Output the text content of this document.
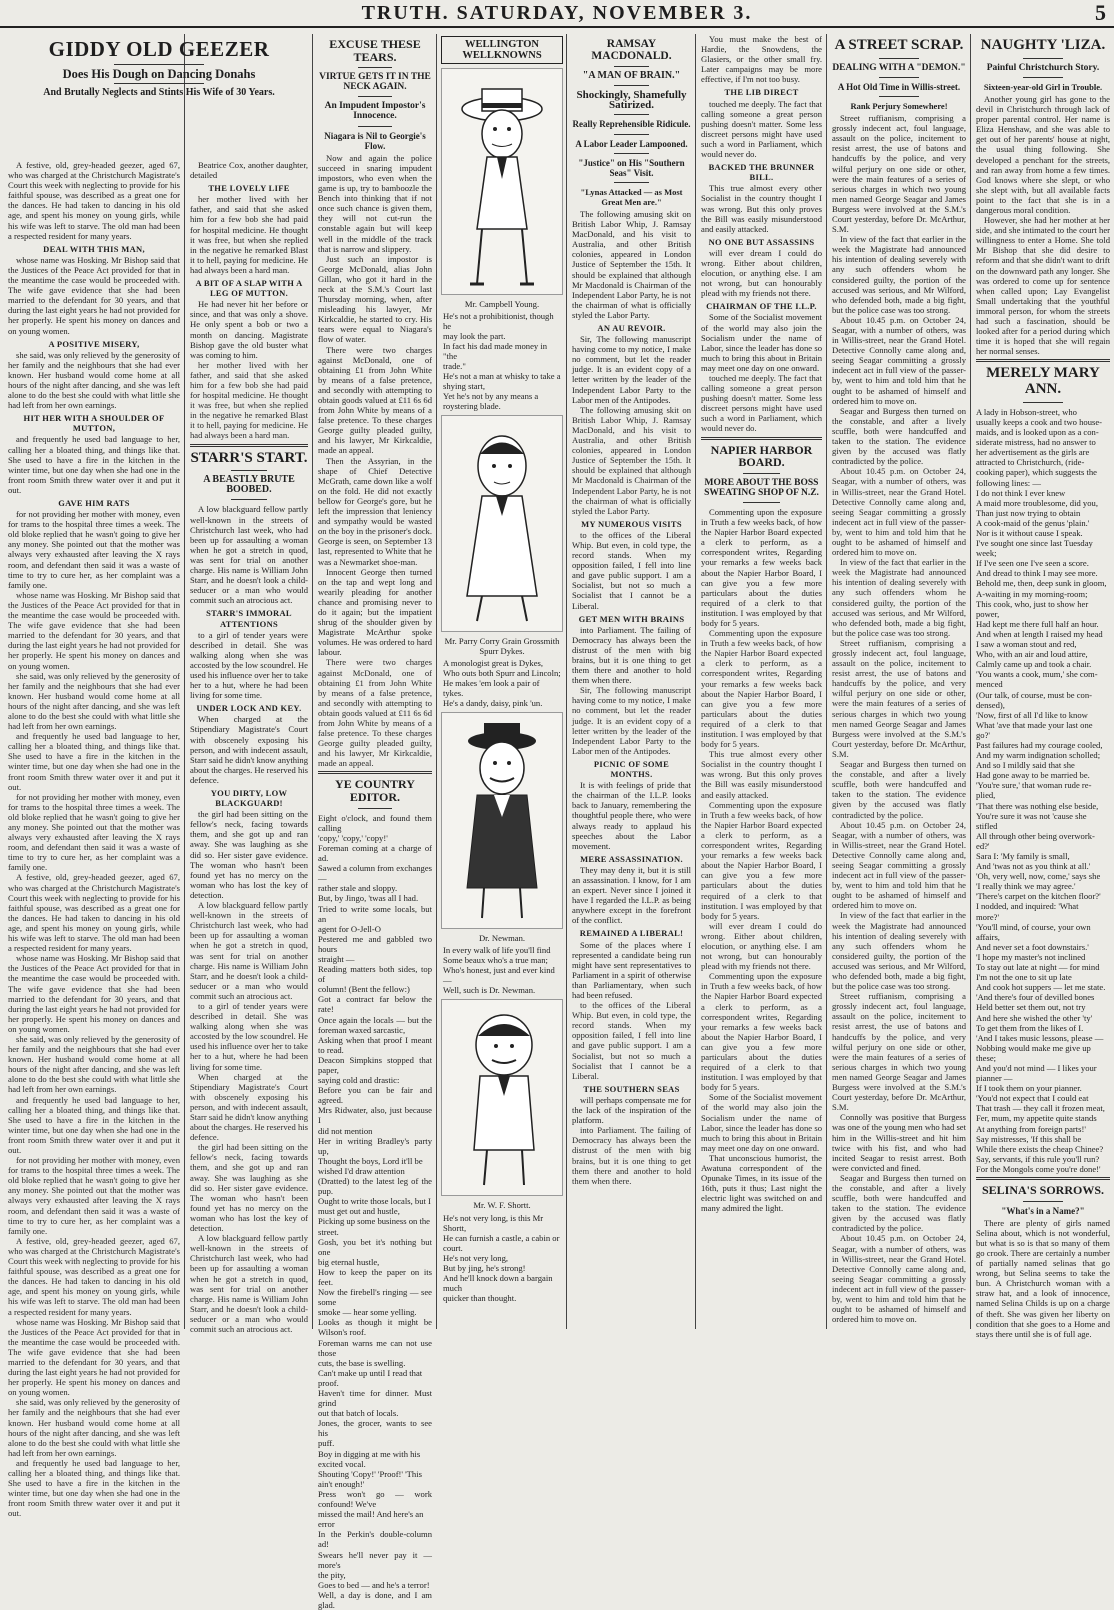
TRUTH. SATURDAY, NOVEMBER 3.	5
GIDDY OLD GEEZER
Does His Dough on Dancing Donahs
And Brutally Neglects and Stints His Wife of 30 Years.

A festive, old, grey-headed geezer, aged 67, who was charged at the Christchurch Magistrate's Court this week with neglecting to provide for his faithful spouse, was described as a great one for the dances. He had taken to dancing in his old age, and spent his money on young girls, while his wife was left to starve. The old man had been a respected resident for many years.

DEAL WITH THIS MAN,

whose name was Hosking. Mr Bishop said that the Justices of the Peace Act provided for that in the meantime the case would be proceeded with. The wife gave evidence that she had been married to the defendant for 30 years, and that during the last eight years he had not provided for her properly. He spent his money on dances and on young women.

A POSITIVE MISERY,

she said, was only relieved by the generosity of her family and the neighbours that she had ever known. Her husband would come home at all hours of the night after dancing, and she was left alone to do the best she could with what little she had left from her own earnings.

HIT HER WITH A SHOULDER OF MUTTON,

and frequently he used bad language to her, calling her a bloated thing, and things like that. She used to have a fire in the kitchen in the winter time, but one day when she had one in the front room Smith threw water over it and put it out.

GAVE HIM RATS

for not providing her mother with money, even for trams to the hospital three times a week. The old bloke replied that he wasn't going to give her any money. She pointed out that the mother was always very exhausted after leaving the X rays room, and defendant then said it was a waste of time to try to cure her, as her complaint was a family one.

whose name was Hosking. Mr Bishop said that the Justices of the Peace Act provided for that in the meantime the case would be proceeded with. The wife gave evidence that she had been married to the defendant for 30 years, and that during the last eight years he had not provided for her properly. He spent his money on dances and on young women.

she said, was only relieved by the generosity of her family and the neighbours that she had ever known. Her husband would come home at all hours of the night after dancing, and she was left alone to do the best she could with what little she had left from her own earnings.

and frequently he used bad language to her, calling her a bloated thing, and things like that. She used to have a fire in the kitchen in the winter time, but one day when she had one in the front room Smith threw water over it and put it out.

for not providing her mother with money, even for trams to the hospital three times a week. The old bloke replied that he wasn't going to give her any money. She pointed out that the mother was always very exhausted after leaving the X rays room, and defendant then said it was a waste of time to try to cure her, as her complaint was a family one.

A festive, old, grey-headed geezer, aged 67, who was charged at the Christchurch Magistrate's Court this week with neglecting to provide for his faithful spouse, was described as a great one for the dances. He had taken to dancing in his old age, and spent his money on young girls, while his wife was left to starve. The old man had been a respected resident for many years.

whose name was Hosking. Mr Bishop said that the Justices of the Peace Act provided for that in the meantime the case would be proceeded with. The wife gave evidence that she had been married to the defendant for 30 years, and that during the last eight years he had not provided for her properly. He spent his money on dances and on young women.

she said, was only relieved by the generosity of her family and the neighbours that she had ever known. Her husband would come home at all hours of the night after dancing, and she was left alone to do the best she could with what little she had left from her own earnings.

and frequently he used bad language to her, calling her a bloated thing, and things like that. She used to have a fire in the kitchen in the winter time, but one day when she had one in the front room Smith threw water over it and put it out.

for not providing her mother with money, even for trams to the hospital three times a week. The old bloke replied that he wasn't going to give her any money. She pointed out that the mother was always very exhausted after leaving the X rays room, and defendant then said it was a waste of time to try to cure her, as her complaint was a family one.

A festive, old, grey-headed geezer, aged 67, who was charged at the Christchurch Magistrate's Court this week with neglecting to provide for his faithful spouse, was described as a great one for the dances. He had taken to dancing in his old age, and spent his money on young girls, while his wife was left to starve. The old man had been a respected resident for many years.

whose name was Hosking. Mr Bishop said that the Justices of the Peace Act provided for that in the meantime the case would be proceeded with. The wife gave evidence that she had been married to the defendant for 30 years, and that during the last eight years he had not provided for her properly. He spent his money on dances and on young women.

she said, was only relieved by the generosity of her family and the neighbours that she had ever known. Her husband would come home at all hours of the night after dancing, and she was left alone to do the best she could with what little she had left from her own earnings.

and frequently he used bad language to her, calling her a bloated thing, and things like that. She used to have a fire in the kitchen in the winter time, but one day when she had one in the front room Smith threw water over it and put it out.

Beatrice Cox, another daughter, detailed

THE LOVELY LIFE

her mother lived with her father, and said that she asked him for a few bob she had paid for hospital medicine. He thought it was free, but when she replied in the negative he remarked Blast it to hell, paying for medicine. He had always been a hard man.

A BIT OF A SLAP WITH A LEG OF MUTTON.

He had never hit her before or since, and that was only a shove. He only spent a bob or two a month on dancing. Magistrate Bishop gave the old buster what was coming to him.

her mother lived with her father, and said that she asked him for a few bob she had paid for hospital medicine. He thought it was free, but when she replied in the negative he remarked Blast it to hell, paying for medicine. He had always been a hard man.

STARR'S START.
A BEASTLY BRUTE BOOBED.

A low blackguard fellow partly well-known in the streets of Christchurch last week, who had been up for assaulting a woman when he got a stretch in quod, was sent for trial on another charge. His name is William John Starr, and he doesn't look a child-seducer or a man who would commit such an atrocious act.

STARR'S IMMORAL ATTENTIONS

to a girl of tender years were described in detail. She was walking along when she was accosted by the low scoundrel. He used his influence over her to take her to a hut, where he had been living for some time.

UNDER LOCK AND KEY.

When charged at the Stipendiary Magistrate's Court with obscenely exposing his person, and with indecent assault, Starr said he didn't know anything about the charges. He reserved his defence.

YOU DIRTY, LOW BLACKGUARD!

the girl had been sitting on the fellow's neck, facing towards them, and she got up and ran away. She was laughing as she did so. Her sister gave evidence. The woman who hasn't been found yet has no mercy on the woman who has lost the key of detection.

A low blackguard fellow partly well-known in the streets of Christchurch last week, who had been up for assaulting a woman when he got a stretch in quod, was sent for trial on another charge. His name is William John Starr, and he doesn't look a child-seducer or a man who would commit such an atrocious act.

to a girl of tender years were described in detail. She was walking along when she was accosted by the low scoundrel. He used his influence over her to take her to a hut, where he had been living for some time.

When charged at the Stipendiary Magistrate's Court with obscenely exposing his person, and with indecent assault, Starr said he didn't know anything about the charges. He reserved his defence.

the girl had been sitting on the fellow's neck, facing towards them, and she got up and ran away. She was laughing as she did so. Her sister gave evidence. The woman who hasn't been found yet has no mercy on the woman who has lost the key of detection.

A low blackguard fellow partly well-known in the streets of Christchurch last week, who had been up for assaulting a woman when he got a stretch in quod, was sent for trial on another charge. His name is William John Starr, and he doesn't look a child-seducer or a man who would commit such an atrocious act.

EXCUSE THESE TEARS.
VIRTUE GETS IT IN THE NECK AGAIN.
An Impudent Impostor's Innocence.
Niagara is Nil to Georgie's Flow.

Now and again the police succeed in snaring impudent impostors, who even when the game is up, try to bamboozle the Bench into thinking that if not once such chance is given them, they will not cut-run the constable again but will keep well in the middle of the track that is narrow and slippery.

Just such an impostor is George McDonald, alias John Gillan, who got it hard in the neck at the S.M.'s Court last Thursday morning, when, after misleading his lawyer, Mr Kirkcaldie, he started to cry. His tears were equal to Niagara's flow of water.

There were two charges against McDonald, one of obtaining £1 from John White by means of a false pretence, and secondly with attempting to obtain goods valued at £11 6s 6d from John White by means of a false pretence. To these charges George guilty pleaded guilty, and his lawyer, Mr Kirkcaldie, made an appeal.

Then the Assyrian, in the shape of Chief Detective McGrath, came down like a wolf on the fold. He did not exactly bellow for George's gore, but he left the impression that leniency and sympathy would be wasted on the boy in the prisoner's dock. George is seen, on September 13 last, represented to White that he was a Newmarket shoe-man.

Innocent George then turned on the tap and wept long and wearily pleading for another chance and promising never to do it again; but the impatient shrug of the shoulder given by Magistrate McArthur spoke volumes. He was ordered to hard labour.

There were two charges against McDonald, one of obtaining £1 from John White by means of a false pretence, and secondly with attempting to obtain goods valued at £11 6s 6d from John White by means of a false pretence. To these charges George guilty pleaded guilty, and his lawyer, Mr Kirkcaldie, made an appeal.

YE COUNTRY EDITOR.
Eight o'clock, and found them calling
'copy,' 'copy,' 'copy!'
Foreman coming at a charge of ad.
Sawed a column from exchanges —
rather stale and sloppy.
But, by Jingo, 'twas all I had.
Tried to write some locals, but an
agent for O-Jell-O
Pestered me and gabbled two hours
straight —
Reading matters both sides, top of
column! (Bent the fellow:)
Got a contract far below the rate!
Once again the locals — but the foreman waxed sarcastic,
Asking when that proof I meant to read.
Deacon Simpkins stopped that paper,
saying cold and drastic:
Before you can be fair and agreed.
Mrs Ridwater, also, just because I
did not mention
Her in writing Bradley's party up,
Thought the boys, Lord it'll be
wished I'd draw attention
(Dratted) to the latest leg of the pup.
Ought to write those locals, but I
must get out and hustle,
Picking up some business on the
street.
Gosh, you bet it's nothing but one
big eternal hustle,
How to keep the paper on its feet.
Now the firebell's ringing — see some
smoke — hear some yelling.
Looks as though it might be Wilson's roof.
Foreman warns me can not use those
cuts, the base is swelling.
Can't make up until I read that
proof.
Haven't time for dinner. Must grind
out that batch of locals.
Jones, the grocer, wants to see his
puff.
Boy in digging at me with his
excited vocal.
Shouting 'Copy!' 'Proof!' 'This
ain't enough!'
Press won't go — work confound! We've
missed the mail! And here's an
error
In the Perkin's double-column ad!
Swears he'll never pay it — more's
the pity,
Goes to bed — and he's a terror!
Well, a day is done, and I am glad.
WELLINGTON WELLKNOWNS
Mr. Campbell Young.
He's not a prohibitionist, though he
may look the part.
In fact his dad made money in "the
trade."
He's not a man at whisky to take a
shying start,
Yet he's not by any means a
roystering blade.
Mr. Parry Corry Grain Grossmith Spurr Dykes.
A monologist great is Dykes,
Who outs both Spurr and Lincoln;
He makes 'em look a pair of tykes.
He's a dandy, daisy, pink 'un.
Dr. Newman.
In every walk of life you'll find
Some beaux who's a true man;
Who's honest, just and ever kind —
Well, such is Dr. Newman.
Mr. W. F. Shortt.
He's not very long, is this Mr Shortt,
He can furnish a castle, a cabin or
court.
He's not very long,
But by jing, he's strong!
And he'll knock down a bargain much
quicker than thought.
RAMSAY MACDONALD.
"A MAN OF BRAIN."
Shockingly, Shamefully Satirized.
Really Reprehensible Ridicule.
A Labor Leader Lampooned.
"Justice" on His "Southern Seas" Visit.
"Lynas Attacked — as Most Great Men are."

The following amusing skit on British Labor Whip, J. Ramsay MacDonald, and his visit to Australia, and other British colonies, appeared in London Justice of September the 15th. It should be explained that although Mr Macdonald is Chairman of the Independent Labor Party, he is not the chairman of what is officially styled the Labor Party.

AN AU REVOIR.

Sir, The following manuscript having come to my notice, I make no comment, but let the reader judge. It is an evident copy of a letter written by the leader of the Independent Labor Party to the Labor men of the Antipodes.

The following amusing skit on British Labor Whip, J. Ramsay MacDonald, and his visit to Australia, and other British colonies, appeared in London Justice of September the 15th. It should be explained that although Mr Macdonald is Chairman of the Independent Labor Party, he is not the chairman of what is officially styled the Labor Party.

MY NUMEROUS VISITS

to the offices of the Liberal Whip. But even, in cold type, the record stands. When my opposition failed, I fell into line and gave public support. I am a Socialist, but not so much a Socialist that I cannot be a Liberal.

GET MEN WITH BRAINS

into Parliament. The failing of Democracy has always been the distrust of the men with big brains, but it is one thing to get them there and another to hold them when there.

Sir, The following manuscript having come to my notice, I make no comment, but let the reader judge. It is an evident copy of a letter written by the leader of the Independent Labor Party to the Labor men of the Antipodes.

PICNIC OF SOME MONTHS.

It is with feelings of pride that the chairman of the I.L.P. looks back to January, remembering the thoughtful people there, who were always ready to applaud his speeches about the Labor movement.

MERE ASSASSINATION.

They may deny it, but it is still an assassination. I know, for I am an expert. Never since I joined it have I regarded the I.L.P. as being anywhere except in the forefront of the conflict.

REMAINED A LIBERAL!

Some of the places where I represented a candidate being run might have sent representatives to Parliament in a spirit of otherwise than Parliamentary, when such had been refused.

to the offices of the Liberal Whip. But even, in cold type, the record stands. When my opposition failed, I fell into line and gave public support. I am a Socialist, but not so much a Socialist that I cannot be a Liberal.

THE SOUTHERN SEAS

will perhaps compensate me for the lack of the inspiration of the platform.

into Parliament. The failing of Democracy has always been the distrust of the men with big brains, but it is one thing to get them there and another to hold them when there.

You must make the best of Hardie, the Snowdens, the Glasiers, or the other small fry. Later campaigns may be more effective, if I'm not too busy.

THE LIB DIRECT

touched me deeply. The fact that calling someone a great person pushing doesn't matter. Some less discreet persons might have used such a word in Parliament, which would never do.

BACKED THE BRUNNER BILL.

This true almost every other Socialist in the country thought I was wrong. But this only proves the Bill was easily misunderstood and easily attacked.

NO ONE BUT ASSASSINS

will ever dream I could do wrong. Either about children, elocution, or anything else. I am not wrong, but can honourably plead with my friends not there.

CHAIRMAN OF THE I.L.P.

Some of the Socialist movement of the world may also join the Socialism under the name of Labor, since the leader has done so much to bring this about in Britain may meet one day on one onward.

touched me deeply. The fact that calling someone a great person pushing doesn't matter. Some less discreet persons might have used such a word in Parliament, which would never do.

NAPIER HARBOR BOARD.
MORE ABOUT THE BOSS SWEATING SHOP OF N.Z.

Commenting upon the exposure in Truth a few weeks back, of how the Napier Harbor Board expected a clerk to perform, as a correspondent writes, Regarding your remarks a few weeks back about the Napier Harbor Board, I can give you a few more particulars about the duties required of a clerk to that institution. I was employed by that body for 5 years.

Commenting upon the exposure in Truth a few weeks back, of how the Napier Harbor Board expected a clerk to perform, as a correspondent writes, Regarding your remarks a few weeks back about the Napier Harbor Board, I can give you a few more particulars about the duties required of a clerk to that institution. I was employed by that body for 5 years.

This true almost every other Socialist in the country thought I was wrong. But this only proves the Bill was easily misunderstood and easily attacked.

Commenting upon the exposure in Truth a few weeks back, of how the Napier Harbor Board expected a clerk to perform, as a correspondent writes, Regarding your remarks a few weeks back about the Napier Harbor Board, I can give you a few more particulars about the duties required of a clerk to that institution. I was employed by that body for 5 years.

will ever dream I could do wrong. Either about children, elocution, or anything else. I am not wrong, but can honourably plead with my friends not there.

Commenting upon the exposure in Truth a few weeks back, of how the Napier Harbor Board expected a clerk to perform, as a correspondent writes, Regarding your remarks a few weeks back about the Napier Harbor Board, I can give you a few more particulars about the duties required of a clerk to that institution. I was employed by that body for 5 years.

Some of the Socialist movement of the world may also join the Socialism under the name of Labor, since the leader has done so much to bring this about in Britain may meet one day on one onward.

That unconscious humorist, the Awatuna correspondent of the Opunake Times, in its issue of the 16th, puts it thus; Last night the electric light was switched on and many admired the light.

A STREET SCRAP.
DEALING WITH A "DEMON."
A Hot Old Time in Willis-street.
Rank Perjury Somewhere!

Street ruffianism, comprising a grossly indecent act, foul language, assault on the police, incitement to resist arrest, the use of batons and handcuffs by the police, and very wilful perjury on one side or other, were the main features of a series of serious charges in which two young men named George Seagar and James Burgess were involved at the S.M.'s Court yesterday, before Dr. McArthur, S.M.

In view of the fact that earlier in the week the Magistrate had announced his intention of dealing severely with any such offenders whom he considered guilty, the portion of the accused was serious, and Mr Wilford, who defended both, made a big fight, but the police case was too strong.

About 10.45 p.m. on October 24, Seagar, with a number of others, was in Willis-street, near the Grand Hotel. Detective Connolly came along and, seeing Seagar committing a grossly indecent act in full view of the passer-by, went to him and told him that he ought to be ashamed of himself and ordered him to move on.

Seagar and Burgess then turned on the constable, and after a lively scuffle, both were handcuffed and taken to the station. The evidence given by the accused was flatly contradicted by the police.

About 10.45 p.m. on October 24, Seagar, with a number of others, was in Willis-street, near the Grand Hotel. Detective Connolly came along and, seeing Seagar committing a grossly indecent act in full view of the passer-by, went to him and told him that he ought to be ashamed of himself and ordered him to move on.

In view of the fact that earlier in the week the Magistrate had announced his intention of dealing severely with any such offenders whom he considered guilty, the portion of the accused was serious, and Mr Wilford, who defended both, made a big fight, but the police case was too strong.

Street ruffianism, comprising a grossly indecent act, foul language, assault on the police, incitement to resist arrest, the use of batons and handcuffs by the police, and very wilful perjury on one side or other, were the main features of a series of serious charges in which two young men named George Seagar and James Burgess were involved at the S.M.'s Court yesterday, before Dr. McArthur, S.M.

Seagar and Burgess then turned on the constable, and after a lively scuffle, both were handcuffed and taken to the station. The evidence given by the accused was flatly contradicted by the police.

About 10.45 p.m. on October 24, Seagar, with a number of others, was in Willis-street, near the Grand Hotel. Detective Connolly came along and, seeing Seagar committing a grossly indecent act in full view of the passer-by, went to him and told him that he ought to be ashamed of himself and ordered him to move on.

In view of the fact that earlier in the week the Magistrate had announced his intention of dealing severely with any such offenders whom he considered guilty, the portion of the accused was serious, and Mr Wilford, who defended both, made a big fight, but the police case was too strong.

Street ruffianism, comprising a grossly indecent act, foul language, assault on the police, incitement to resist arrest, the use of batons and handcuffs by the police, and very wilful perjury on one side or other, were the main features of a series of serious charges in which two young men named George Seagar and James Burgess were involved at the S.M.'s Court yesterday, before Dr. McArthur, S.M.

Connolly was positive that Burgess was one of the young men who had set him in the Willis-street and hit him twice with his fist, and who had incited Seagar to resist arrest. Both were convicted and fined.

Seagar and Burgess then turned on the constable, and after a lively scuffle, both were handcuffed and taken to the station. The evidence given by the accused was flatly contradicted by the police.

About 10.45 p.m. on October 24, Seagar, with a number of others, was in Willis-street, near the Grand Hotel. Detective Connolly came along and, seeing Seagar committing a grossly indecent act in full view of the passer-by, went to him and told him that he ought to be ashamed of himself and ordered him to move on.

NAUGHTY 'LIZA.
Painful Christchurch Story.
Sixteen-year-old Girl in Trouble.

Another young girl has gone to the devil in Christchurch through lack of proper parental control. Her name is Eliza Henshaw, and she was able to get out of her parents' house at night, the usual thing following. She developed a penchant for the streets, and ran away from home a few times. God knows where she slept, or who she slept with, but all available facts point to the fact that she is in a dangerous moral condition.

However, she had her mother at her side, and she intimated to the court her willingness to enter a Home. She told Mr Bishop that she did desire to reform and that she didn't want to drift on the downward path any longer. She was ordered to come up for sentence when called upon; Lay Evangelist Small undertaking that the youthful immoral person, for whom the streets had such a fascination, should be looked after for a period during which time it is hoped that she will regain her normal senses.

MERELY MARY ANN.
A lady in Hobson-street, who
usually keeps a cook and two house-
maids, and is looked upon as a con-
siderate mistress, had no answer to
her advertisement as the girls are
attracted to Christchurch, (ride-
cooking paper), which suggests the
following lines: —
I do not think I ever knew
A maid more troublesome, did you,
Than just now trying to obtain
A cook-maid of the genus 'plain.'
Nor is it without cause I speak.
I've sought one since last Tuesday
week;
If I've seen one I've seen a score.
And dread to think I may see more.
Behold me, then, deep sunk in gloom,
A-waiting in my morning-room;
This cook, who, just to show her
power,
Had kept me there full half an hour.
And when at length I raised my head
I saw a woman stout and red,
Who, with an air and loud attire,
Calmly came up and took a chair.
'You wants a cook, mum,' she com-
menced
(Our talk, of course, must be con-
densed),
'Now, first of all I'd like to know
What 'ave that made your last one
go?'
Past failures had my courage cooled,
And my warm indignation scholled;
And so I mildly said that she
Had gone away to be married be.
'You're sure,' that woman rude re-
plied,
'That there was nothing else beside,
You're sure it was not 'cause she
stifled
All through other being overwork-
ed?'
Sara I: 'My family is small,
And 'twas not as you think at all.'
'Oh, very well, now, come,' says she
'I really think we may agree.'
'There's carpet on the kitchen floor?'
I nodded, and inquired: 'What
more?'
'You'll mind, of course, your own
affairs,
And never set a foot downstairs.'
'I hope my master's not inclined
To stay out late at night — for mind
I'm not the one to sit up late
And cook hot suppers — let me state.
'And there's four of devilled bones
Held better set them out, not try
And here she wished the other 'ty'
To get them from the likes of I.
'And I takes music lessons, please —
Nobbing would make me give up
these;
And you'd not mind — I likes your
pianner —
If I took them on your pianner.
'You'd not expect that I could eat
That trash — they call it frozen meat,
Fer, mum, my appetite quite stands
At anything from foreign parts!'
Say mistresses, 'If this shall be
While there exists the cheap Chinee?
Say, servants, if this rule you'll run?
For the Mongols come you're done!'
SELINA'S SORROWS.
"What's in a Name?"

There are plenty of girls named Selina about, which is not wonderful, but what is so is that so many of them go crook. There are certainly a number of partially named selinas that go wrong, but Selina seems to take the bun. A Christchurch woman with a straw hat, and a look of innocence, named Selina Childs is up on a charge of theft. She was given her liberty on condition that she goes to a Home and stays there until she is of full age.
